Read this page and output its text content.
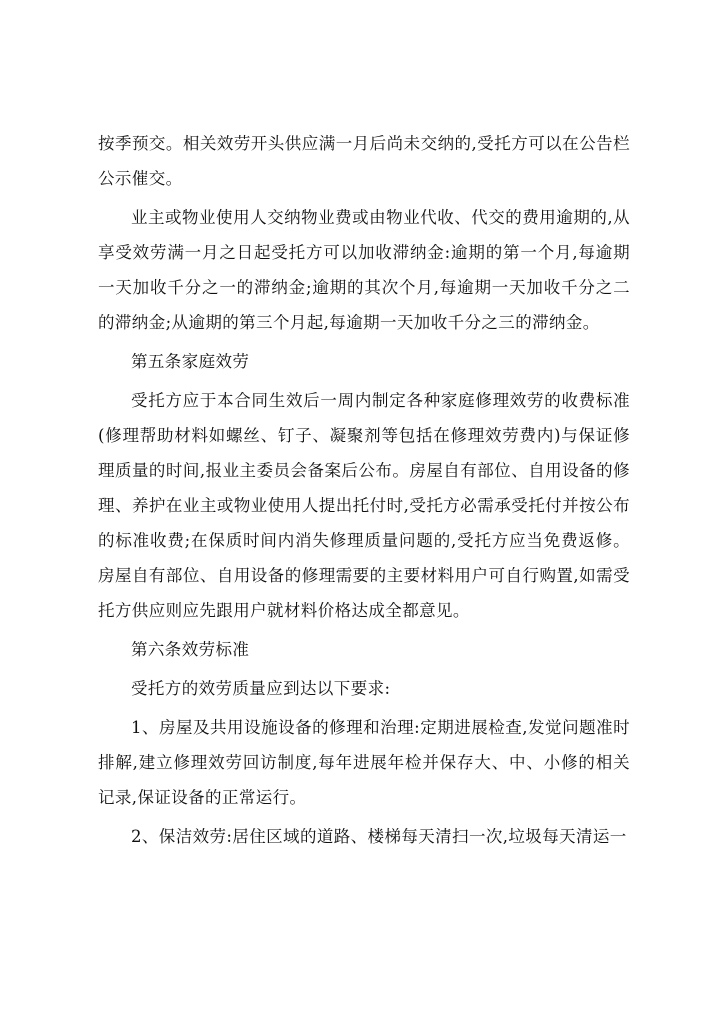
按季预交。相关效劳开头供应满一月后尚未交纳的,受托方可以在公告栏公示催交。

业主或物业使用人交纳物业费或由物业代收、代交的费用逾期的,从享受效劳满一月之日起受托方可以加收滞纳金:逾期的第一个月,每逾期一天加收千分之一的滞纳金;逾期的其次个月,每逾期一天加收千分之二的滞纳金;从逾期的第三个月起,每逾期一天加收千分之三的滞纳金。

第五条家庭效劳

受托方应于本合同生效后一周内制定各种家庭修理效劳的收费标准(修理帮助材料如螺丝、钉子、凝聚剂等包括在修理效劳费内)与保证修理质量的时间,报业主委员会备案后公布。房屋自有部位、自用设备的修理、养护在业主或物业使用人提出托付时,受托方必需承受托付并按公布的标准收费;在保质时间内消失修理质量问题的,受托方应当免费返修。房屋自有部位、自用设备的修理需要的主要材料用户可自行购置,如需受托方供应则应先跟用户就材料价格达成全都意见。

第六条效劳标准

受托方的效劳质量应到达以下要求:

1、房屋及共用设施设备的修理和治理:定期进展检查,发觉问题准时排解,建立修理效劳回访制度,每年进展年检并保存大、中、小修的相关记录,保证设备的正常运行。

2、保洁效劳:居住区域的道路、楼梯每天清扫一次,垃圾每天清运一
